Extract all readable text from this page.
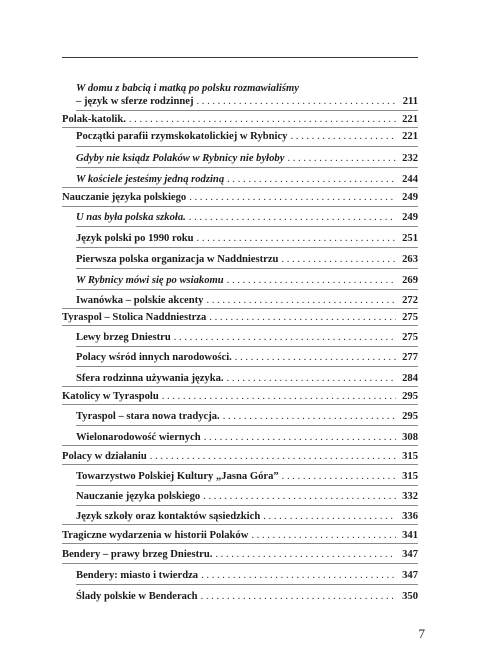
W domu z babcią i matką po polsku rozmawialiśmy
– język w sferze rodzinnej . . .	211
Polak-katolik. . . .	221
Początki parafii rzymskokatolickiej w Rybnicy . . .	221
Gdyby nie ksiądz Polaków w Rybnicy nie byłoby . . .	232
W kościele jesteśmy jedną rodziną . . .	244
Nauczanie języka polskiego . . .	249
U nas była polska szkoła. . . .	249
Język polski po 1990 roku . . .	251
Pierwsza polska organizacja w Naddniestrzu . . .	263
W Rybnicy mówi się po wsiakomu . . .	269
Iwanówka – polskie akcenty . . .	272
Tyraspol – Stolica Naddniestrza . . .	275
Lewy brzeg Dniestru . . .	275
Polacy wśród innych narodowości. . . .	277
Sfera rodzinna używania języka. . . .	284
Katolicy w Tyraspolu . . .	295
Tyraspol – stara nowa tradycja. . . .	295
Wielonarodowość wiernych . . .	308
Polacy w działaniu . . .	315
Towarzystwo Polskiej Kultury „Jasna Góra” . . .	315
Nauczanie języka polskiego . . .	332
Język szkoły oraz kontaktów sąsiedzkich . . .	336
Tragiczne wydarzenia w historii Polaków . . .	341
Bendery – prawy brzeg Dniestru. . . .	347
Bendery: miasto i twierdza . . .	347
Ślady polskie w Benderach . . .	350
7
